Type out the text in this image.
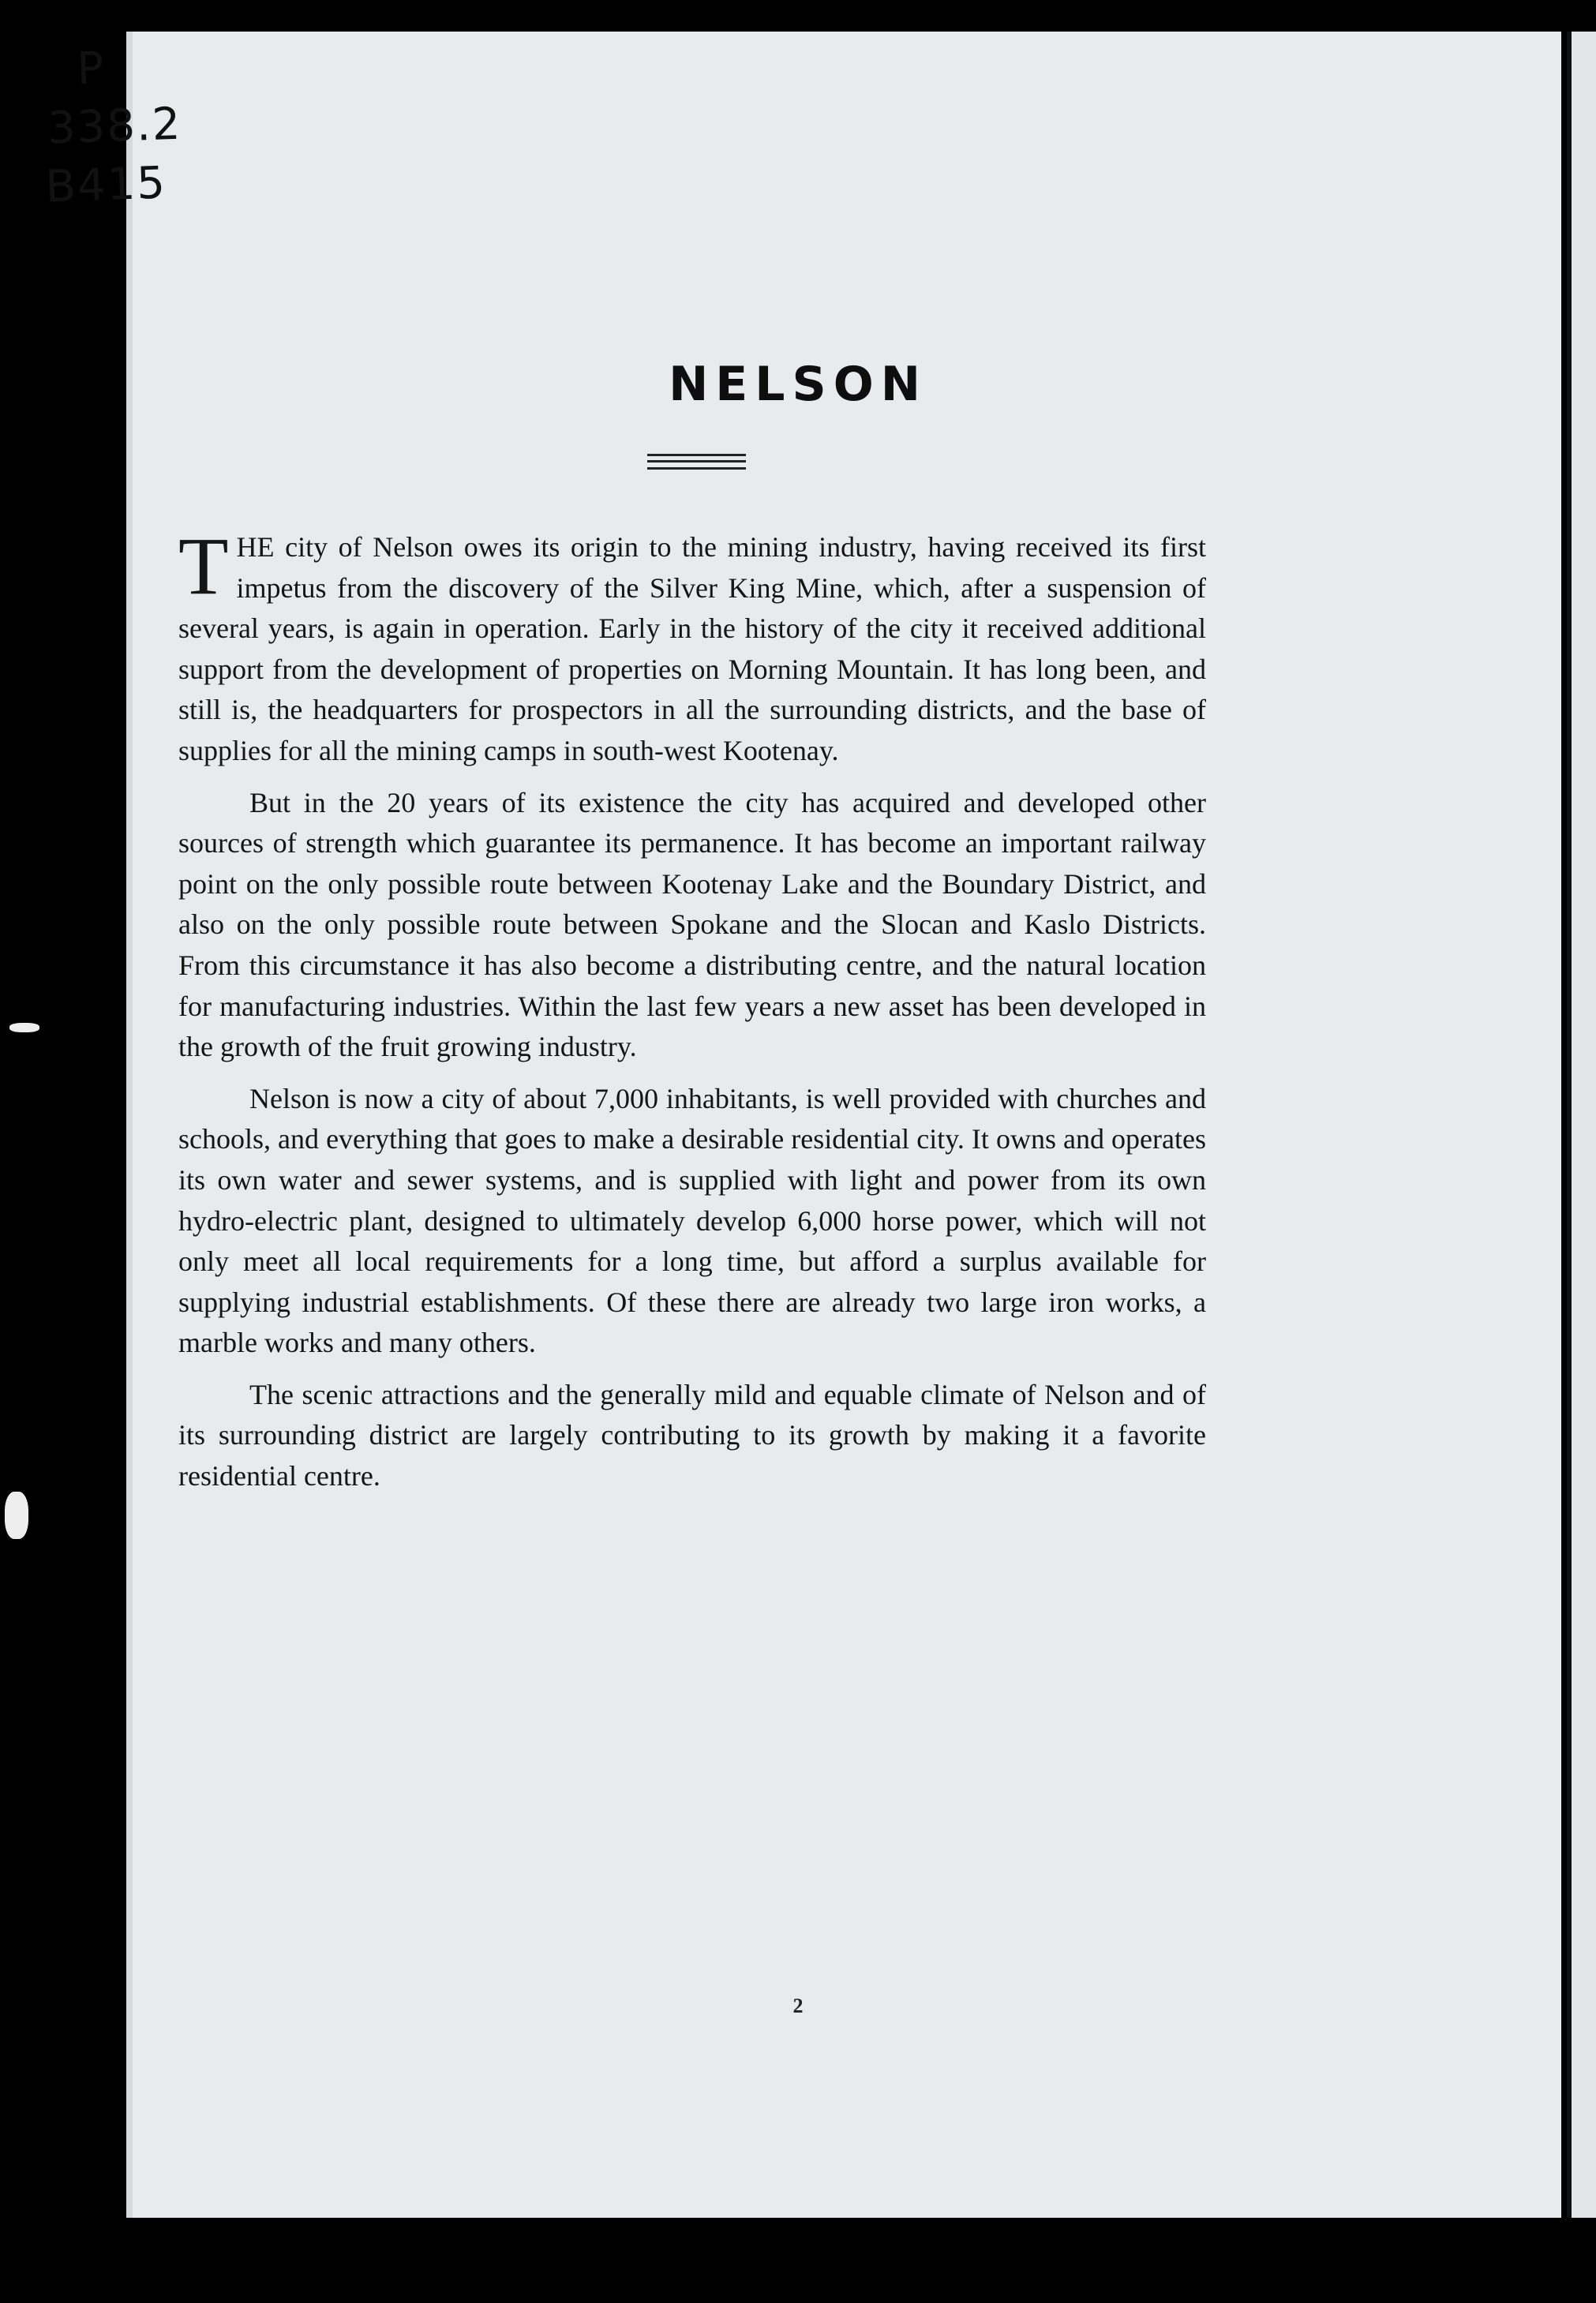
P
338.2
B415
NELSON

THE city of Nelson owes its origin to the mining industry, having received its first impetus from the discovery of the Silver King Mine, which, after a suspension of several years, is again in operation. Early in the history of the city it received additional support from the development of properties on Morning Mountain. It has long been, and still is, the headquarters for prospectors in all the surrounding districts, and the base of supplies for all the mining camps in south-west Kootenay.

But in the 20 years of its existence the city has acquired and developed other sources of strength which guarantee its permanence. It has become an important railway point on the only possible route between Kootenay Lake and the Boundary District, and also on the only possible route between Spokane and the Slocan and Kaslo Districts. From this circumstance it has also become a distributing centre, and the natural location for manufacturing industries. Within the last few years a new asset has been developed in the growth of the fruit growing industry.

Nelson is now a city of about 7,000 inhabitants, is well provided with churches and schools, and everything that goes to make a desirable residential city. It owns and operates its own water and sewer systems, and is supplied with light and power from its own hydro-electric plant, designed to ultimately develop 6,000 horse power, which will not only meet all local requirements for a long time, but afford a surplus available for supplying industrial establishments. Of these there are already two large iron works, a marble works and many others.

The scenic attractions and the generally mild and equable climate of Nelson and of its surrounding district are largely contributing to its growth by making it a favorite residential centre.

2
